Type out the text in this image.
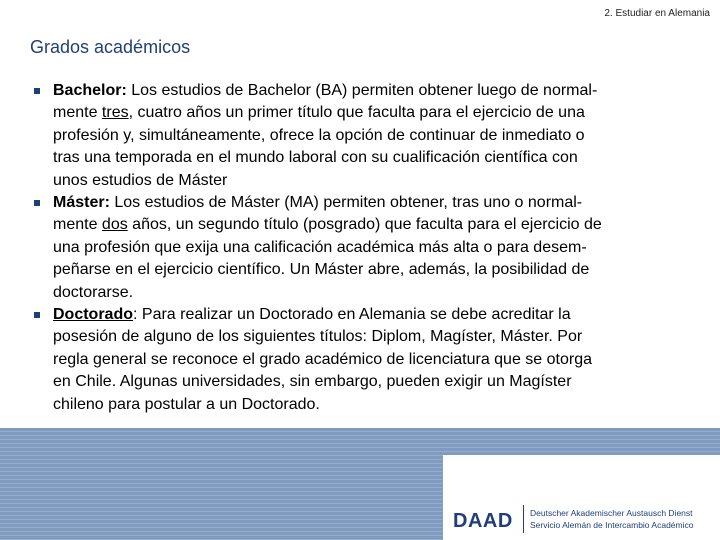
2. Estudiar en Alemania
Grados académicos
Bachelor: Los estudios de Bachelor (BA) permiten obtener luego de normal-
mente tres, cuatro años un primer título que faculta para el ejercicio de una
profesión y, simultáneamente, ofrece la opción de continuar de inmediato o
tras una temporada en el mundo laboral con su cualificación científica con
unos estudios de Máster
Máster: Los estudios de Máster (MA) permiten obtener, tras uno o normal-
mente dos años, un segundo título (posgrado) que faculta para el ejercicio de
una profesión que exija una calificación académica más alta o para desem-
peñarse en el ejercicio científico. Un Máster abre, además, la posibilidad de
doctorarse.
Doctorado: Para realizar un Doctorado en Alemania se debe acreditar la
posesión de alguno de los siguientes títulos: Diplom, Magíster, Máster. Por
regla general se reconoce el grado académico de licenciatura que se otorga
en Chile. Algunas universidades, sin embargo, pueden exigir un Magíster
chileno para postular a un Doctorado.
DAAD Deutscher Akademischer Austausch Dienst
Servicio Alemán de Intercambio Académico
